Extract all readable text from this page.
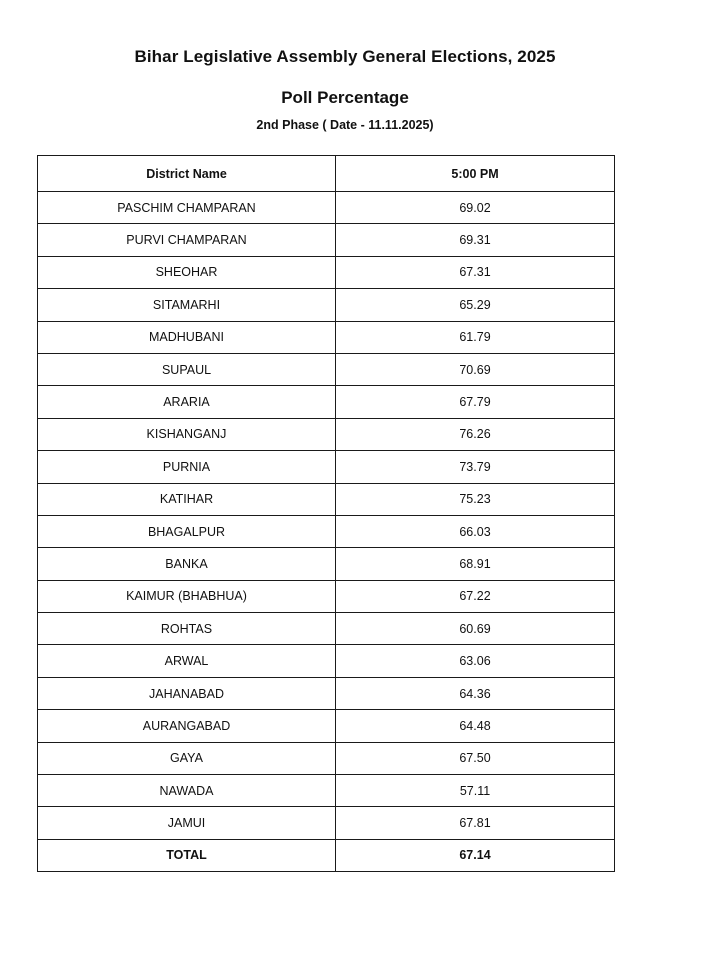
Bihar Legislative Assembly General Elections, 2025
Poll Percentage
2nd Phase ( Date - 11.11.2025)
District Name	5:00 PM
PASCHIM CHAMPARAN	69.02
PURVI CHAMPARAN	69.31
SHEOHAR	67.31
SITAMARHI	65.29
MADHUBANI	61.79
SUPAUL	70.69
ARARIA	67.79
KISHANGANJ	76.26
PURNIA	73.79
KATIHAR	75.23
BHAGALPUR	66.03
BANKA	68.91
KAIMUR (BHABHUA)	67.22
ROHTAS	60.69
ARWAL	63.06
JAHANABAD	64.36
AURANGABAD	64.48
GAYA	67.50
NAWADA	57.11
JAMUI	67.81
TOTAL	67.14
